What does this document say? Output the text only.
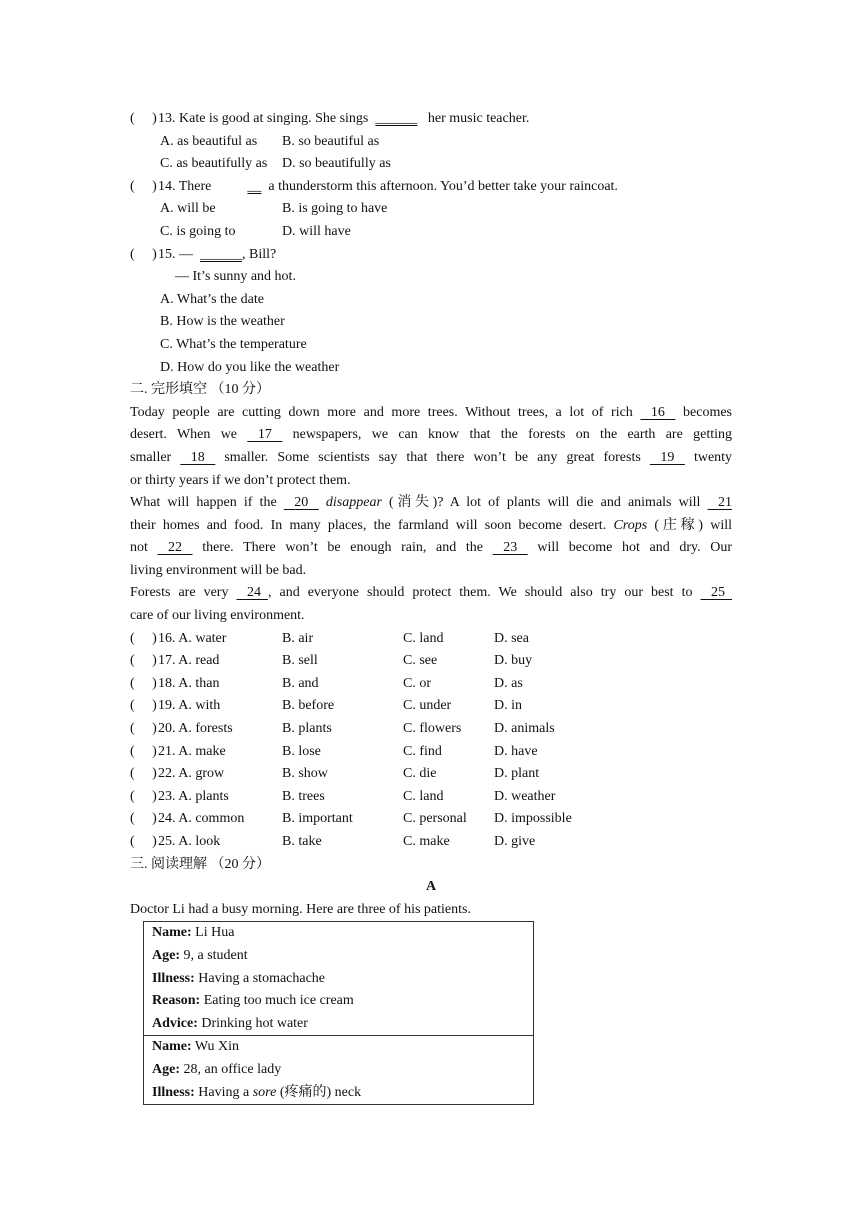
( )13. Kate is good at singing. She sings ______ her music teacher.
A. as beautiful as B. so beautiful as
C. as beautifully as D. so beautifully as
( )14. There	__ a thunderstorm this afternoon. You’d better take your raincoat.
A. will be	B. is going to have
C. is going to	D. will have
( )15. — ______, Bill?
— It’s sunny and hot.
A. What’s the date
B. How is the weather
C. What’s the temperature
D. How do you like the weather
二. 完形填空 （10 分）
Today people are cutting down more and more trees. Without trees, a lot of rich 16 becomes
desert. When we 17 newspapers, we can know that the forests on the earth are getting
smaller 18 smaller. Some scientists say that there won’t be any great forests 19 twenty
or thirty years if we don’t protect them.
What will happen if the 20 disappear (消失)? A lot of plants will die and animals will 21
their homes and food. In many places, the farmland will soon become desert. Crops (庄稼) will
not 22 there. There won’t be enough rain, and the 23 will become hot and dry. Our
living environment will be bad.
Forests are very 24 , and everyone should protect them. We should also try our best to 25
care of our living environment.
( )16. A. water	B. air	C. land	D. sea
( )17. A. read	B. sell	C. see	D. buy
( )18. A. than	B. and	C. or	D. as
( )19. A. with	B. before	C. under	D. in
( )20. A. forests	B. plants	C. flowers D. animals
( )21. A. make	B. lose	C. find	D. have
( )22. A. grow	B. show	C. die	D. plant
( )23. A. plants	B. trees	C. land	D. weather
( )24. A. common	B. important	C. personal D. impossible
( )25. A. look	B. take	C. make	D. give
三. 阅读理解 （20 分）
A
Doctor Li had a busy morning. Here are three of his patients.
Name: Li Hua
Age: 9, a student
Illness: Having a stomachache
Reason: Eating too much ice cream
Advice: Drinking hot water

Name: Wu Xin
Age: 28, an office lady
Illness: Having a sore (疼痛的) neck
